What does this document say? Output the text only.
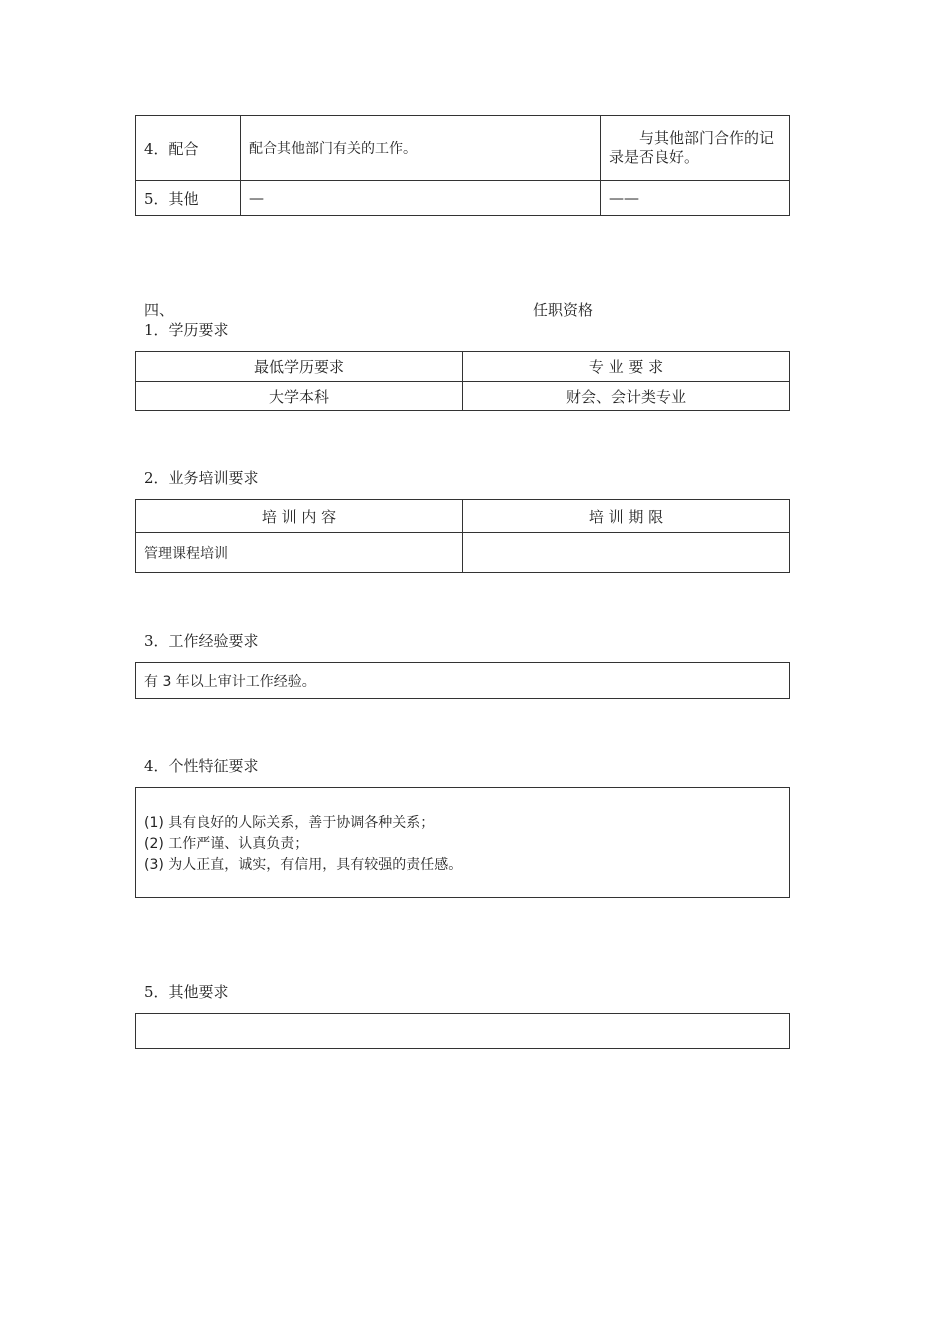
4．配合	配合其他部门有关的工作。	与其他部门合作的记录是否良好。
5．其他	—	——
四、	任职资格
1．学历要求
最低学历要求	专 业 要 求
大学本科	财会、会计类专业
2．业务培训要求
培 训 内 容	培 训 期 限
管理课程培训	
3．工作经验要求
有 3 年以上审计工作经验。
4．个性特征要求
(1) 具有良好的人际关系，善于协调各种关系；
(2) 工作严谨、认真负责；
(3) 为人正直，诚实，有信用，具有较强的责任感。
5．其他要求
